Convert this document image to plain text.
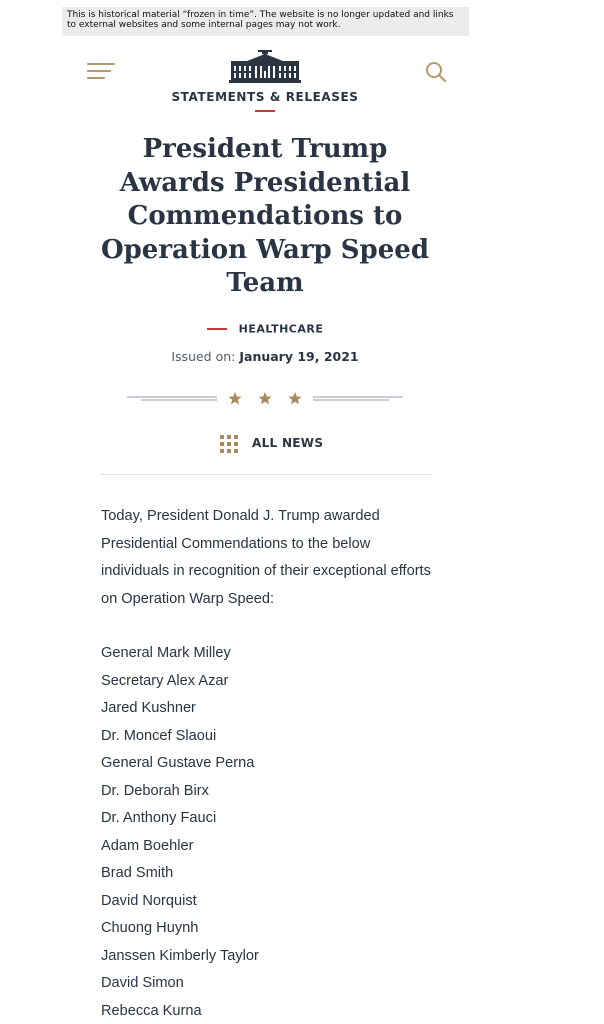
This is historical material “frozen in time”. The website is no longer updated and links to external websites and some internal pages may not work.
STATEMENTS & RELEASES
President Trump Awards Presidential Commendations to Operation Warp Speed Team
HEALTHCARE
Issued on: January 19, 2021
ALL NEWS

Today, President Donald J. Trump awarded Presidential Commendations to the below individuals in recognition of their exceptional efforts on Operation Warp Speed:

General Mark Milley
Secretary Alex Azar
Jared Kushner
Dr. Moncef Slaoui
General Gustave Perna
Dr. Deborah Birx
Dr. Anthony Fauci
Adam Boehler
Brad Smith
David Norquist
Chuong Huynh
Janssen Kimberly Taylor
David Simon
Rebecca Kurna
